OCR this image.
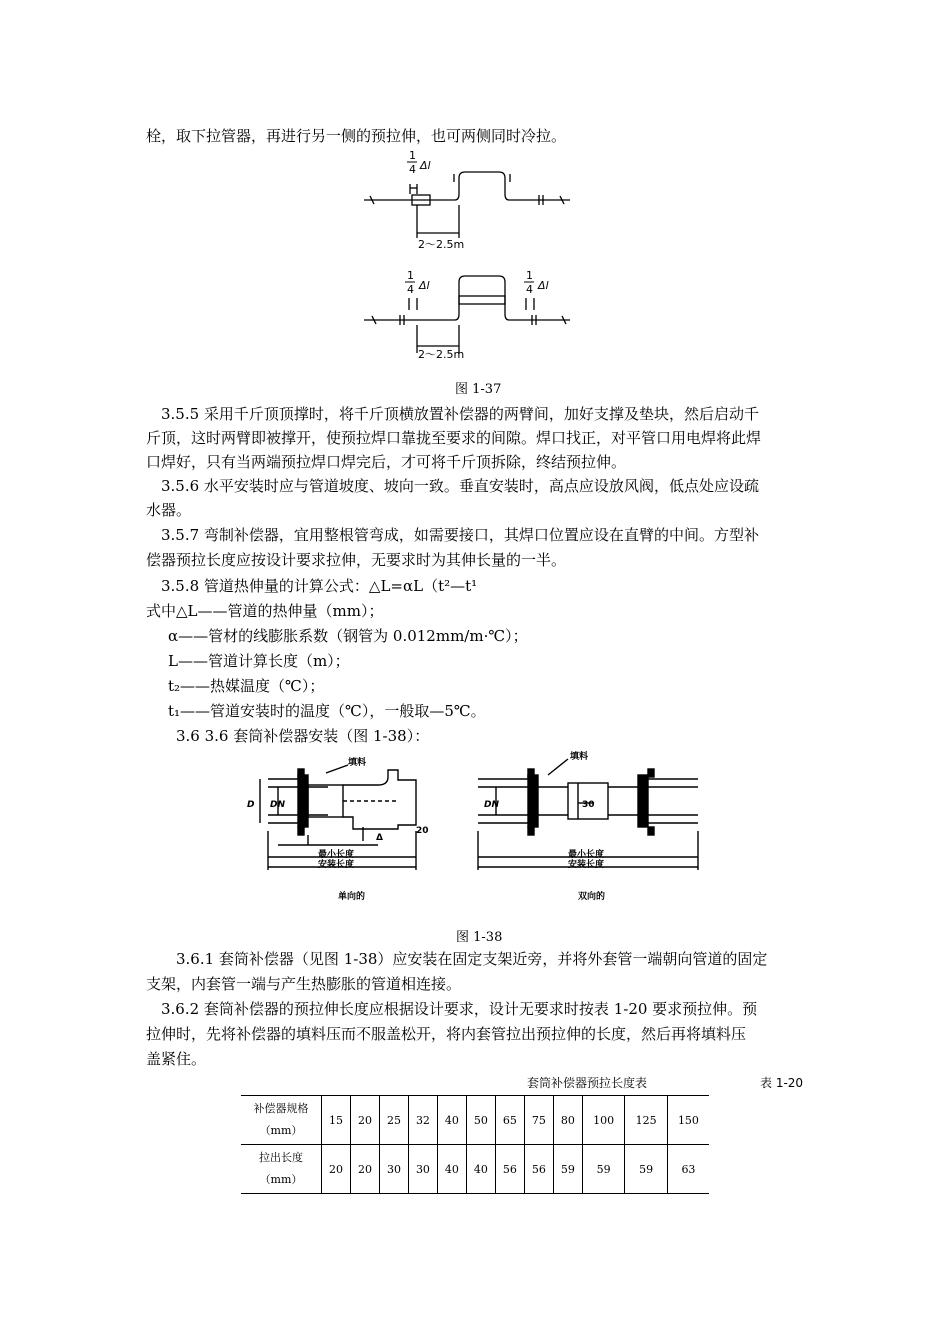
栓，取下拉管器，再进行另一侧的预拉伸，也可两侧同时冷拉。
1
4 Δl
2～2.5m
1
4 Δl
1
4 Δl
2～2.5m
图 1-37
3.5.5 采用千斤顶顶撑时，将千斤顶横放置补偿器的两臂间，加好支撑及垫块，然后启动千
斤顶，这时两臂即被撑开，使预拉焊口靠拢至要求的间隙。焊口找正，对平管口用电焊将此焊
口焊好，只有当两端预拉焊口焊完后，才可将千斤顶拆除，终结预拉伸。
3.5.6 水平安装时应与管道坡度、坡向一致。垂直安装时，高点应设放风阀，低点处应设疏
水器。
3.5.7 弯制补偿器，宜用整根管弯成，如需要接口，其焊口位置应设在直臂的中间。方型补
偿器预拉长度应按设计要求拉伸，无要求时为其伸长量的一半。
3.5.8 管道热伸量的计算公式：△L=αL（t²—t¹
式中△L——管道的热伸量（mm）；
α——管材的线膨胀系数（钢管为 0.012mm/m·℃）；
L——管道计算长度（m）；
t₂——热媒温度（℃）；
t₁——管道安装时的温度（℃），一般取—5℃。
3.6 3.6 套筒补偿器安装（图 1-38）：
填料
D DN
Δ
20
最小长度
安装长度
单向的
填料
DN	30
最小长度
安装长度
双向的
图 1-38
3.6.1 套筒补偿器（见图 1-38）应安装在固定支架近旁，并将外套管一端朝向管道的固定
支架，内套管一端与产生热膨胀的管道相连接。
3.6.2 套筒补偿器的预拉伸长度应根据设计要求，设计无要求时按表 1-20 要求预拉伸。预
拉伸时，先将补偿器的填料压而不服盖松开，将内套管拉出预拉伸的长度，然后再将填料压
盖紧住。
套筒补偿器预拉长度表	表 1-20
补偿器规格
（mm）	15	20	25	32	40	50	65	75	80	100	125	150

拉出长度
（mm）	20	20	30	30	40	40	56	56	59	59	59	63
